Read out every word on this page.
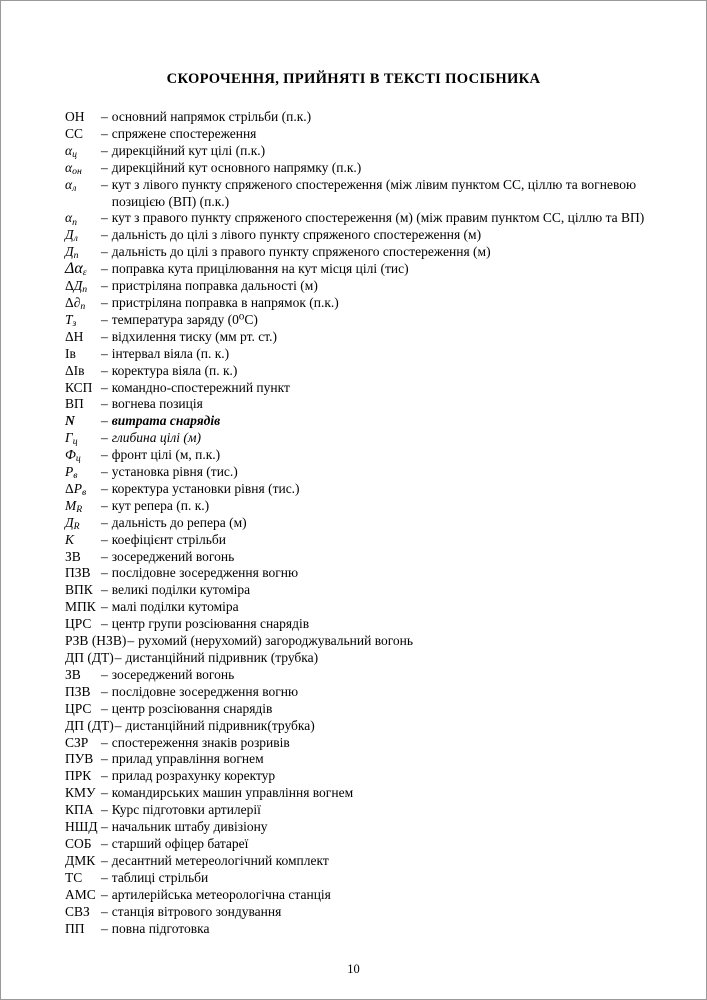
СКОРОЧЕННЯ, ПРИЙНЯТІ В ТЕКСТІ ПОСІБНИКА
ОН	– основний напрямок стрільби (п.к.)
СС	– спряжене спостереження
$\alpha_ц$	– дирекційний кут цілі (п.к.)
$\alpha_{он}$	– дирекційний кут основного напрямку (п.к.)
$\alpha_л$	– кут з лівого пункту спряженого спостереження (між лівим пунктом СС, ціллю та вогневою позицією (ВП) (п.к.)
$\alpha_п$	– кут з правого пункту спряженого спостереження (м) (між правим пунктом СС, ціллю та ВП)
$Д_л$	– дальність до цілі з лівого пункту спряженого спостереження (м)
$Д_п$	– дальність до цілі з правого пункту спряженого спостереження (м)
$\Delta\alpha_\varepsilon$	– поправка кута прицілювання на кут місця цілі (тис)
$\Delta Д_п$	– пристріляна поправка дальності (м)
$\Delta\partial_п$	– пристріляна поправка в напрямок (п.к.)
$Т_з$	– температура заряду (0⁰С)
ΔН	– відхилення тиску (мм рт. ст.)
Ів	– інтервал віяла (п. к.)
ΔІв	– коректура віяла (п. к.)
КСП – командно-спостережний пункт
ВП	– вогнева позиція
N	– витрата снарядів
$Г_ц$	– глибина цілі (м)
$Ф_ц$	– фронт цілі (м, п.к.)
$Р_в$	– установка рівня (тис.)
$\Delta Р_в$	– коректура установки рівня (тис.)
$М_R$	– кут репера (п. к.)
$Д_R$	– дальність до репера (м)
К	– коефіцієнт стрільби
ЗВ	– зосереджений вогонь
ПЗВ – послідовне зосередження вогню
ВПК – великі поділки кутоміра
МПК – малі поділки кутоміра
ЦРС – центр групи розсіювання снарядів
РЗВ (НЗВ) – рухомий (нерухомий) загороджувальний вогонь
ДП (ДТ) – дистанційний підривник (трубка)
ЗВ	– зосереджений вогонь
ПЗВ – послідовне зосередження вогню
ЦРС – центр розсіювання снарядів
ДП (ДТ) – дистанційний підривник(трубка)
СЗР – спостереження знаків розривів
ПУВ – прилад управління вогнем
ПРК – прилад розрахунку коректур
КМУ – командирських машин управління вогнем
КПА – Курс підготовки артилерії
НШД – начальник штабу дивізіону
СОБ – старший офіцер батареї
ДМК – десантний метереологічний комплект
ТС	– таблиці стрільби
АМС – артилерійська метеорологічна станція
СВЗ – станція вітрового зондування
ПП	– повна підготовка
10
